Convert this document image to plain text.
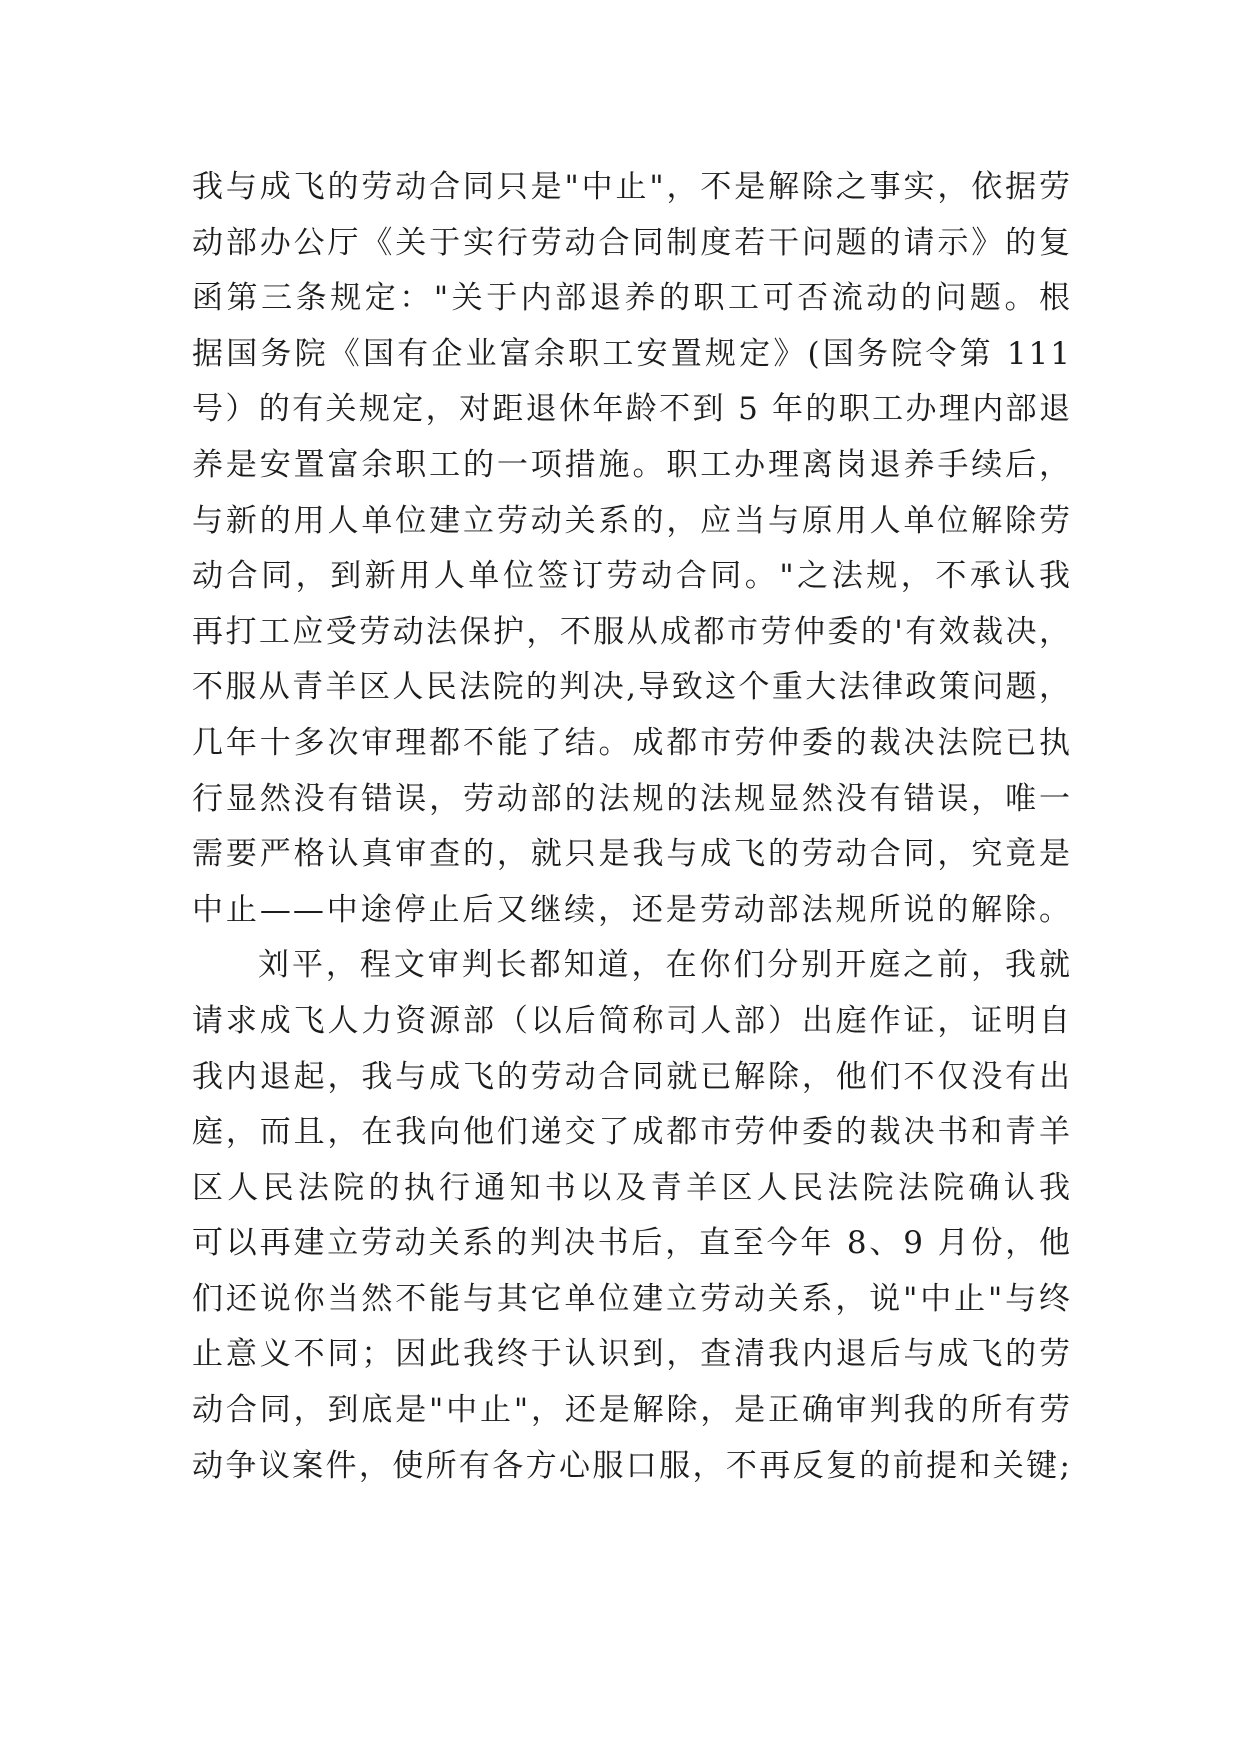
我与成飞的劳动合同只是"中止"，不是解除之事实，依据劳
动部办公厅《关于实行劳动合同制度若干问题的请示》的复
函第三条规定："关于内部退养的职工可否流动的问题。根
据国务院《国有企业富余职工安置规定》(国务院令第 111
号）的有关规定，对距退休年龄不到 5 年的职工办理内部退
养是安置富余职工的一项措施。职工办理离岗退养手续后，
与新的用人单位建立劳动关系的，应当与原用人单位解除劳
动合同，到新用人单位签订劳动合同。"之法规，不承认我
再打工应受劳动法保护，不服从成都市劳仲委的'有效裁决，
不服从青羊区人民法院的判决,导致这个重大法律政策问题，
几年十多次审理都不能了结。成都市劳仲委的裁决法院已执
行显然没有错误，劳动部的法规的法规显然没有错误，唯一
需要严格认真审查的，就只是我与成飞的劳动合同，究竟是
中止——中途停止后又继续，还是劳动部法规所说的解除。
刘平，程文审判长都知道，在你们分别开庭之前，我就
请求成飞人力资源部（以后简称司人部）出庭作证，证明自
我内退起，我与成飞的劳动合同就已解除，他们不仅没有出
庭，而且，在我向他们递交了成都市劳仲委的裁决书和青羊
区人民法院的执行通知书以及青羊区人民法院法院确认我
可以再建立劳动关系的判决书后，直至今年 8、9 月份，他
们还说你当然不能与其它单位建立劳动关系，说"中止"与终
止意义不同；因此我终于认识到，查清我内退后与成飞的劳
动合同，到底是"中止"，还是解除，是正确审判我的所有劳
动争议案件，使所有各方心服口服，不再反复的前提和关键;
